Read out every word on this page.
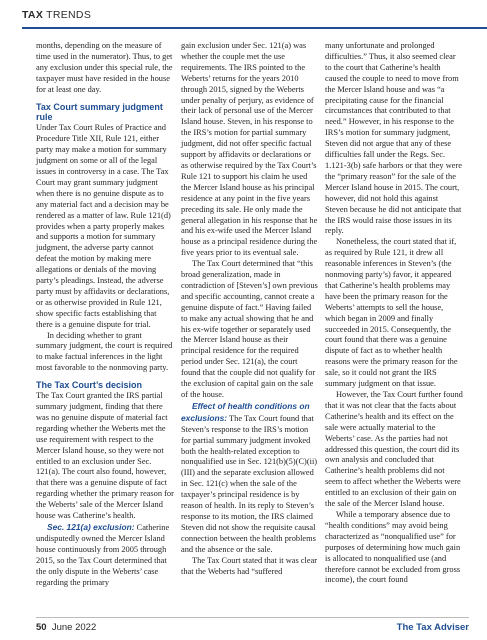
TAX TRENDS

months, depending on the measure of time used in the numerator). Thus, to get any exclusion under this special rule, the taxpayer must have resided in the house for at least one day.

Tax Court summary judgment rule

Under Tax Court Rules of Practice and Procedure Title XII, Rule 121, either party may make a motion for summary judgment on some or all of the legal issues in controversy in a case. The Tax Court may grant summary judgment when there is no genuine dispute as to any material fact and a decision may be rendered as a matter of law. Rule 121(d) provides when a party properly makes and supports a motion for summary judgment, the adverse party cannot defeat the motion by making mere allegations or denials of the moving party’s pleadings. Instead, the adverse party must by affidavits or declarations, or as otherwise provided in Rule 121, show specific facts establishing that there is a genuine dispute for trial.

In deciding whether to grant summary judgment, the court is required to make factual inferences in the light most favorable to the nonmoving party.

The Tax Court’s decision

The Tax Court granted the IRS partial summary judgment, finding that there was no genuine dispute of material fact regarding whether the Weberts met the use requirement with respect to the Mercer Island house, so they were not entitled to an exclusion under Sec. 121(a). The court also found, however, that there was a genuine dispute of fact regarding whether the primary reason for the Weberts’ sale of the Mercer Island house was Catherine’s health.

Sec. 121(a) exclusion: Catherine undisputedly owned the Mercer Island house continuously from 2005 through 2015, so the Tax Court determined that the only dispute in the Weberts’ case regarding the primary

gain exclusion under Sec. 121(a) was whether the couple met the use requirements. The IRS pointed to the Weberts’ returns for the years 2010 through 2015, signed by the Weberts under penalty of perjury, as evidence of their lack of personal use of the Mercer Island house. Steven, in his response to the IRS’s motion for partial summary judgment, did not offer specific factual support by affidavits or declarations or as otherwise required by the Tax Court’s Rule 121 to support his claim he used the Mercer Island house as his principal residence at any point in the five years preceding its sale. He only made the general allegation in his response that he and his ex-wife used the Mercer Island house as a principal residence during the five years prior to its eventual sale.

The Tax Court determined that “this broad generalization, made in contradiction of [Steven’s] own previous and specific accounting, cannot create a genuine dispute of fact.” Having failed to make any actual showing that he and his ex-wife together or separately used the Mercer Island house as their principal residence for the required period under Sec. 121(a), the court found that the couple did not qualify for the exclusion of capital gain on the sale of the house.

Effect of health conditions on exclusions: The Tax Court found that Steven’s response to the IRS’s motion for partial summary judgment invoked both the health-related exception to nonqualified use in Sec. 121(b)(5)(C)(ii)(III) and the separate exclusion allowed in Sec. 121(c) when the sale of the taxpayer’s principal residence is by reason of health. In its reply to Steven’s response to its motion, the IRS claimed Steven did not show the requisite causal connection between the health problems and the absence or the sale.

The Tax Court stated that it was clear that the Weberts had “suffered

many unfortunate and prolonged difficulties.” Thus, it also seemed clear to the court that Catherine’s health caused the couple to need to move from the Mercer Island house and was “a precipitating cause for the financial circumstances that contributed to that need.” However, in his response to the IRS’s motion for summary judgment, Steven did not argue that any of these difficulties fall under the Regs. Sec. 1.121-3(b) safe harbors or that they were the “primary reason” for the sale of the Mercer Island house in 2015. The court, however, did not hold this against Steven because he did not anticipate that the IRS would raise those issues in its reply.

Nonetheless, the court stated that if, as required by Rule 121, it drew all reasonable inferences in Steven’s (the nonmoving party’s) favor, it appeared that Catherine’s health problems may have been the primary reason for the Weberts’ attempts to sell the house, which began in 2009 and finally succeeded in 2015. Consequently, the court found that there was a genuine dispute of fact as to whether health reasons were the primary reason for the sale, so it could not grant the IRS summary judgment on that issue.

However, the Tax Court further found that it was not clear that the facts about Catherine’s health and its effect on the sale were actually material to the Weberts’ case. As the parties had not addressed this question, the court did its own analysis and concluded that Catherine’s health problems did not seem to affect whether the Weberts were entitled to an exclusion of their gain on the sale of the Mercer Island house.

While a temporary absence due to “health conditions” may avoid being characterized as “nonqualified use” for purposes of determining how much gain is allocated to nonqualified use (and therefore cannot be excluded from gross income), the court found

50 June 2022	The Tax Adviser
